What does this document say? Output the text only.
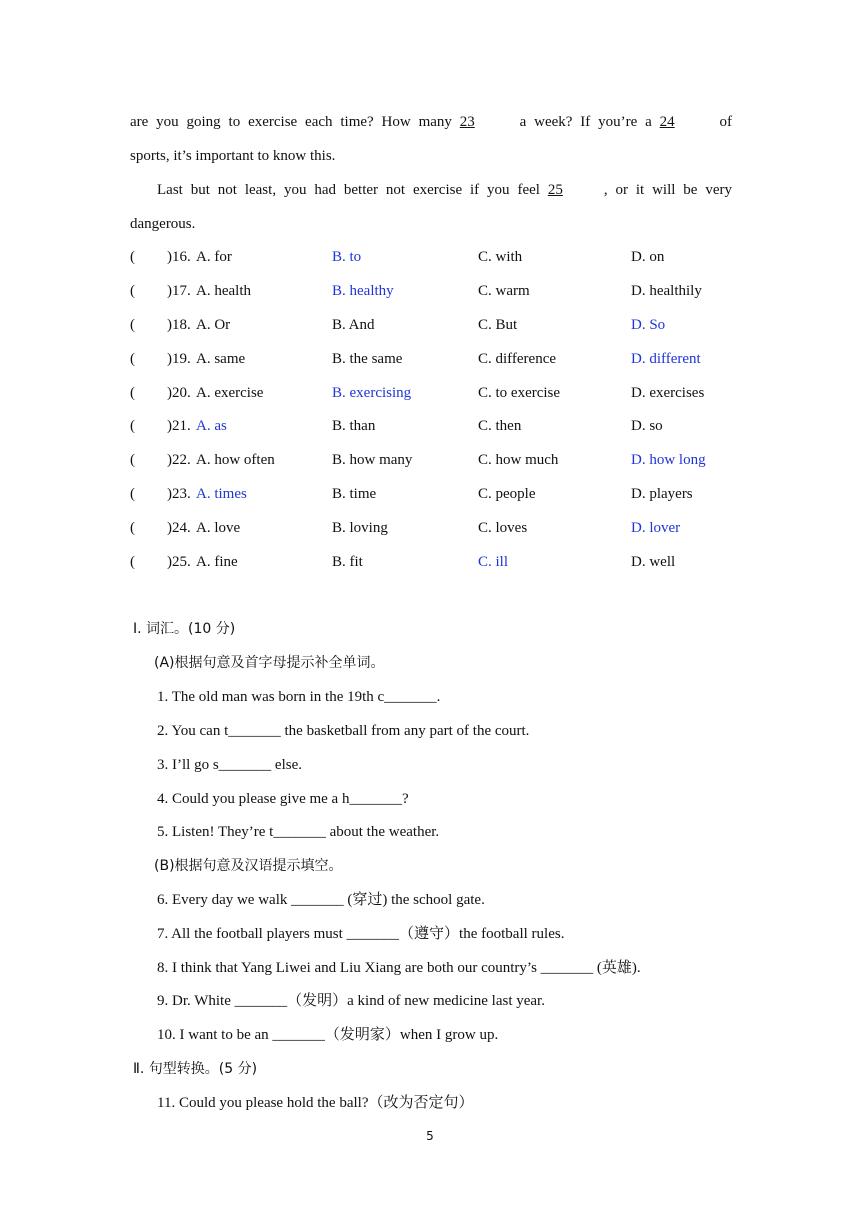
are you going to exercise each time? How many 23	a week? If you’re a 24	of
sports, it’s important to know this.
Last but not least, you had better not exercise if you feel 25	, or it will be very
dangerous.
( )16. A. for	B. to	C. with	D. on
( )17. A. health	B. healthy	C. warm	D. healthily
( )18. A. Or	B. And	C. But	D. So
( )19. A. same	B. the same	C. difference	D. different
( )20. A. exercise	B. exercising	C. to exercise	D. exercises
( )21. A. as	B. than	C. then	D. so
( )22. A. how often	B. how many	C. how much	D. how long
( )23. A. times	B. time	C. people	D. players
( )24. A. love	B. loving	C. loves	D. lover
( )25. A. fine	B. fit	C. ill	D. well
Ⅰ. 词汇。(10 分)
(A)根据句意及首字母提示补全单词。
1. The old man was born in the 19th c_______.
2. You can t_______ the basketball from any part of the court.
3. I’ll go s_______ else.
4. Could you please give me a h_______?
5. Listen! They’re t_______ about the weather.
(B)根据句意及汉语提示填空。
6. Every day we walk _______ (穿过) the school gate.
7. All the football players must _______（遵守）the football rules.
8. I think that Yang Liwei and Liu Xiang are both our country’s _______ (英雄).
9. Dr. White _______（发明）a kind of new medicine last year.
10. I want to be an _______（发明家）when I grow up.
Ⅱ. 句型转换。(5 分)
11. Could you please hold the ball?（改为否定句）
5
